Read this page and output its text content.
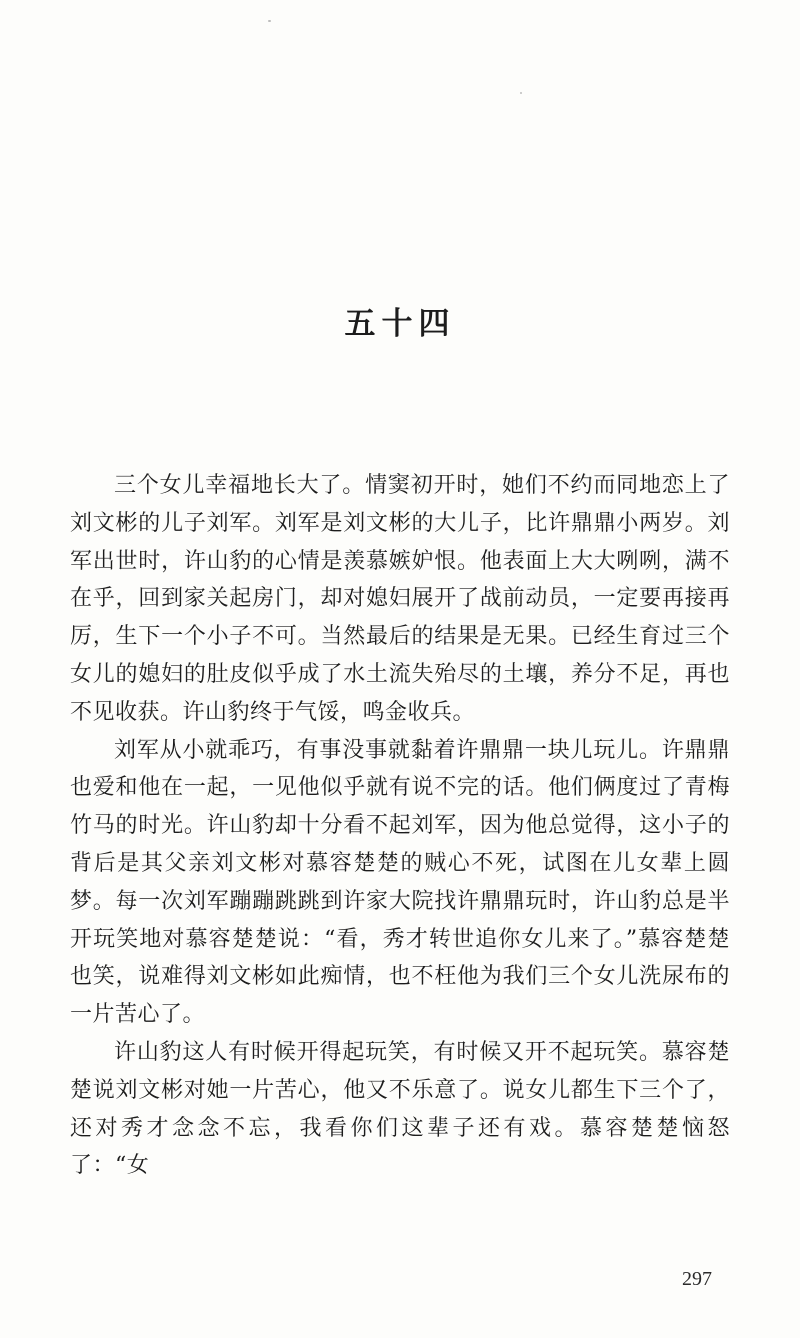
五十四

三个女儿幸福地长大了。情窦初开时，她们不约而同地恋上了刘文彬的儿子刘军。刘军是刘文彬的大儿子，比许鼎鼎小两岁。刘军出世时，许山豹的心情是羡慕嫉妒恨。他表面上大大咧咧，满不在乎，回到家关起房门，却对媳妇展开了战前动员，一定要再接再厉，生下一个小子不可。当然最后的结果是无果。已经生育过三个女儿的媳妇的肚皮似乎成了水土流失殆尽的土壤，养分不足，再也不见收获。许山豹终于气馁，鸣金收兵。

刘军从小就乖巧，有事没事就黏着许鼎鼎一块儿玩儿。许鼎鼎也爱和他在一起，一见他似乎就有说不完的话。他们俩度过了青梅竹马的时光。许山豹却十分看不起刘军，因为他总觉得，这小子的背后是其父亲刘文彬对慕容楚楚的贼心不死，试图在儿女辈上圆梦。每一次刘军蹦蹦跳跳到许家大院找许鼎鼎玩时，许山豹总是半开玩笑地对慕容楚楚说：“看，秀才转世追你女儿来了。”慕容楚楚也笑，说难得刘文彬如此痴情，也不枉他为我们三个女儿洗尿布的一片苦心了。

许山豹这人有时候开得起玩笑，有时候又开不起玩笑。慕容楚楚说刘文彬对她一片苦心，他又不乐意了。说女儿都生下三个了，还对秀才念念不忘，我看你们这辈子还有戏。慕容楚楚恼怒了：“女

297
